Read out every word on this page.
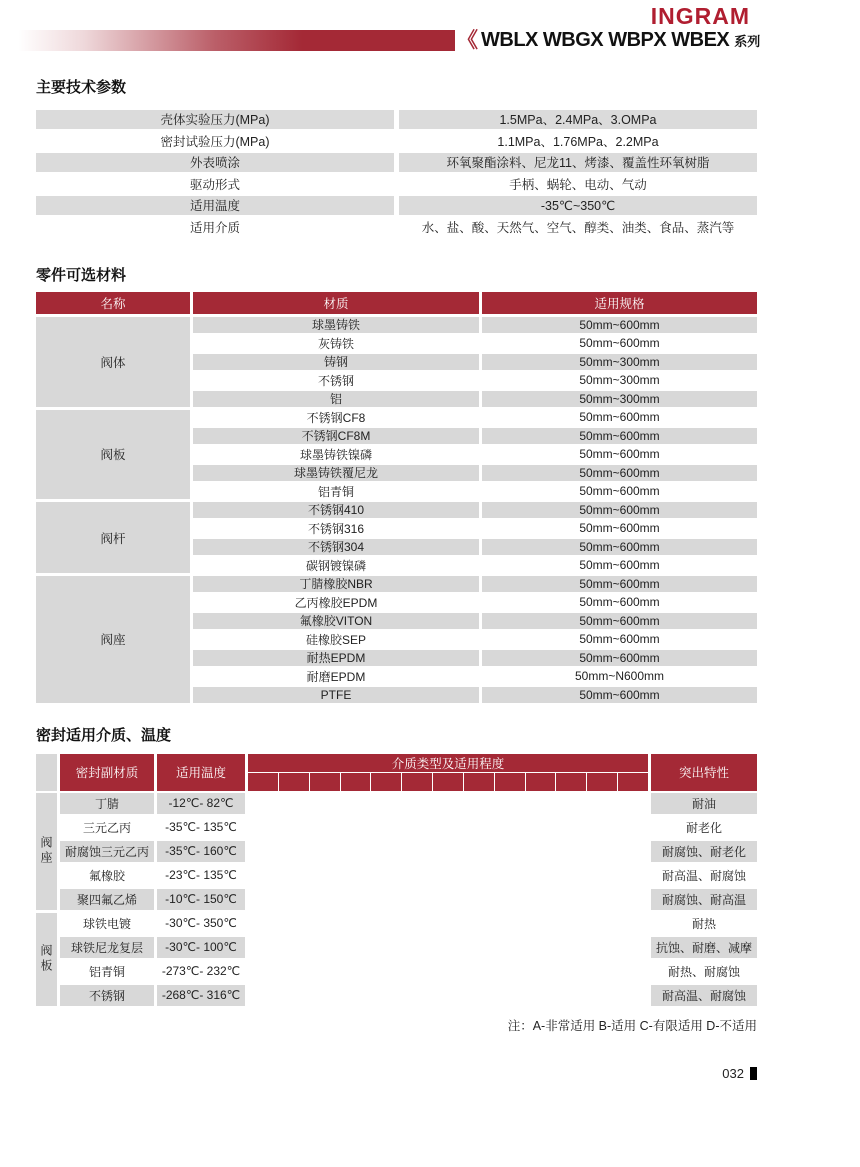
INGRAM
《 WBLX WBGX WBPX WBEX 系列
主要技术参数
壳体实验压力(MPa)	1.5MPa、2.4MPa、3.OMPa
密封试验压力(MPa)	1.1MPa、1.76MPa、2.2MPa
外表喷涂	环氧聚酯涂料、尼龙11、烤漆、覆盖性环氧树脂
驱动形式	手柄、蜗轮、电动、气动
适用温度	-35℃~350℃
适用介质	水、盐、酸、天然气、空气、醇类、油类、食品、蒸汽等
零件可选材料
名称	材质	适用规格
阀体
球墨铸铁	50mm~600mm
灰铸铁	50mm~600mm
铸钢	50mm~300mm
不锈钢	50mm~300mm
铝	50mm~300mm
阀板
不锈钢CF8	50mm~600mm
不锈钢CF8M	50mm~600mm
球墨铸铁镍磷	50mm~600mm
球墨铸铁覆尼龙	50mm~600mm
铝青铜	50mm~600mm
阀杆
不锈钢410	50mm~600mm
不锈钢316	50mm~600mm
不锈钢304	50mm~600mm
碳钢镀镍磷	50mm~600mm
阀座
丁腈橡胶NBR	50mm~600mm
乙丙橡胶EPDM	50mm~600mm
氟橡胶VITON	50mm~600mm
硅橡胶SEP	50mm~600mm
耐热EPDM	50mm~600mm
耐磨EPDM	50mm~N600mm
PTFE	50mm~600mm
密封适用介质、温度
密封副材质	适用温度
介质类型及适用程度
突出特性
阀座
丁腈	-12℃- 82℃	耐油
三元乙丙	-35℃- 135℃	耐老化
耐腐蚀三元乙丙	-35℃- 160℃	耐腐蚀、耐老化
氟橡胶	-23℃- 135℃	耐高温、耐腐蚀
聚四氟乙烯	-10℃- 150℃	耐腐蚀、耐高温
阀板
球铁电镀	-30℃- 350℃	耐热
球铁尼龙复层	-30℃- 100℃	抗蚀、耐磨、减摩
铝青铜	-273℃- 232℃	耐热、耐腐蚀
不锈钢	-268℃- 316℃	耐高温、耐腐蚀
注：A-非常适用 B-适用 C-有限适用 D-不适用
032
